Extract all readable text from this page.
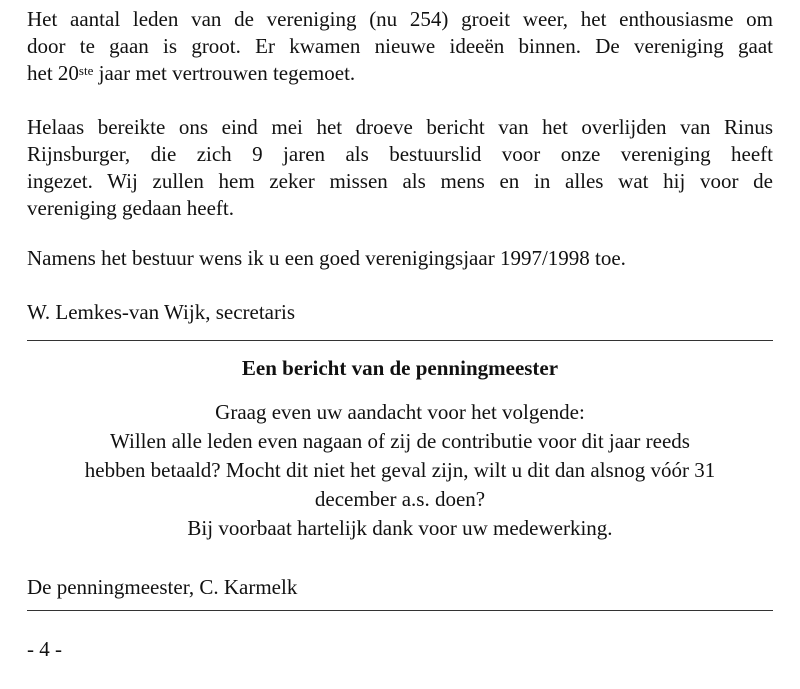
Het aantal leden van de vereniging (nu 254) groeit weer, het enthousiasme om
door te gaan is groot. Er kwamen nieuwe ideeën binnen. De vereniging gaat
het 20ste jaar met vertrouwen tegemoet.
Helaas bereikte ons eind mei het droeve bericht van het overlijden van Rinus
Rijnsburger, die zich 9 jaren als bestuurslid voor onze vereniging heeft
ingezet. Wij zullen hem zeker missen als mens en in alles wat hij voor de
vereniging gedaan heeft.
Namens het bestuur wens ik u een goed verenigingsjaar 1997/1998 toe.
W. Lemkes-van Wijk, secretaris
Een bericht van de penningmeester
Graag even uw aandacht voor het volgende:
Willen alle leden even nagaan of zij de contributie voor dit jaar reeds
hebben betaald? Mocht dit niet het geval zijn, wilt u dit dan alsnog vóór 31
december a.s. doen?
Bij voorbaat hartelijk dank voor uw medewerking.
De penningmeester, C. Karmelk
- 4 -
